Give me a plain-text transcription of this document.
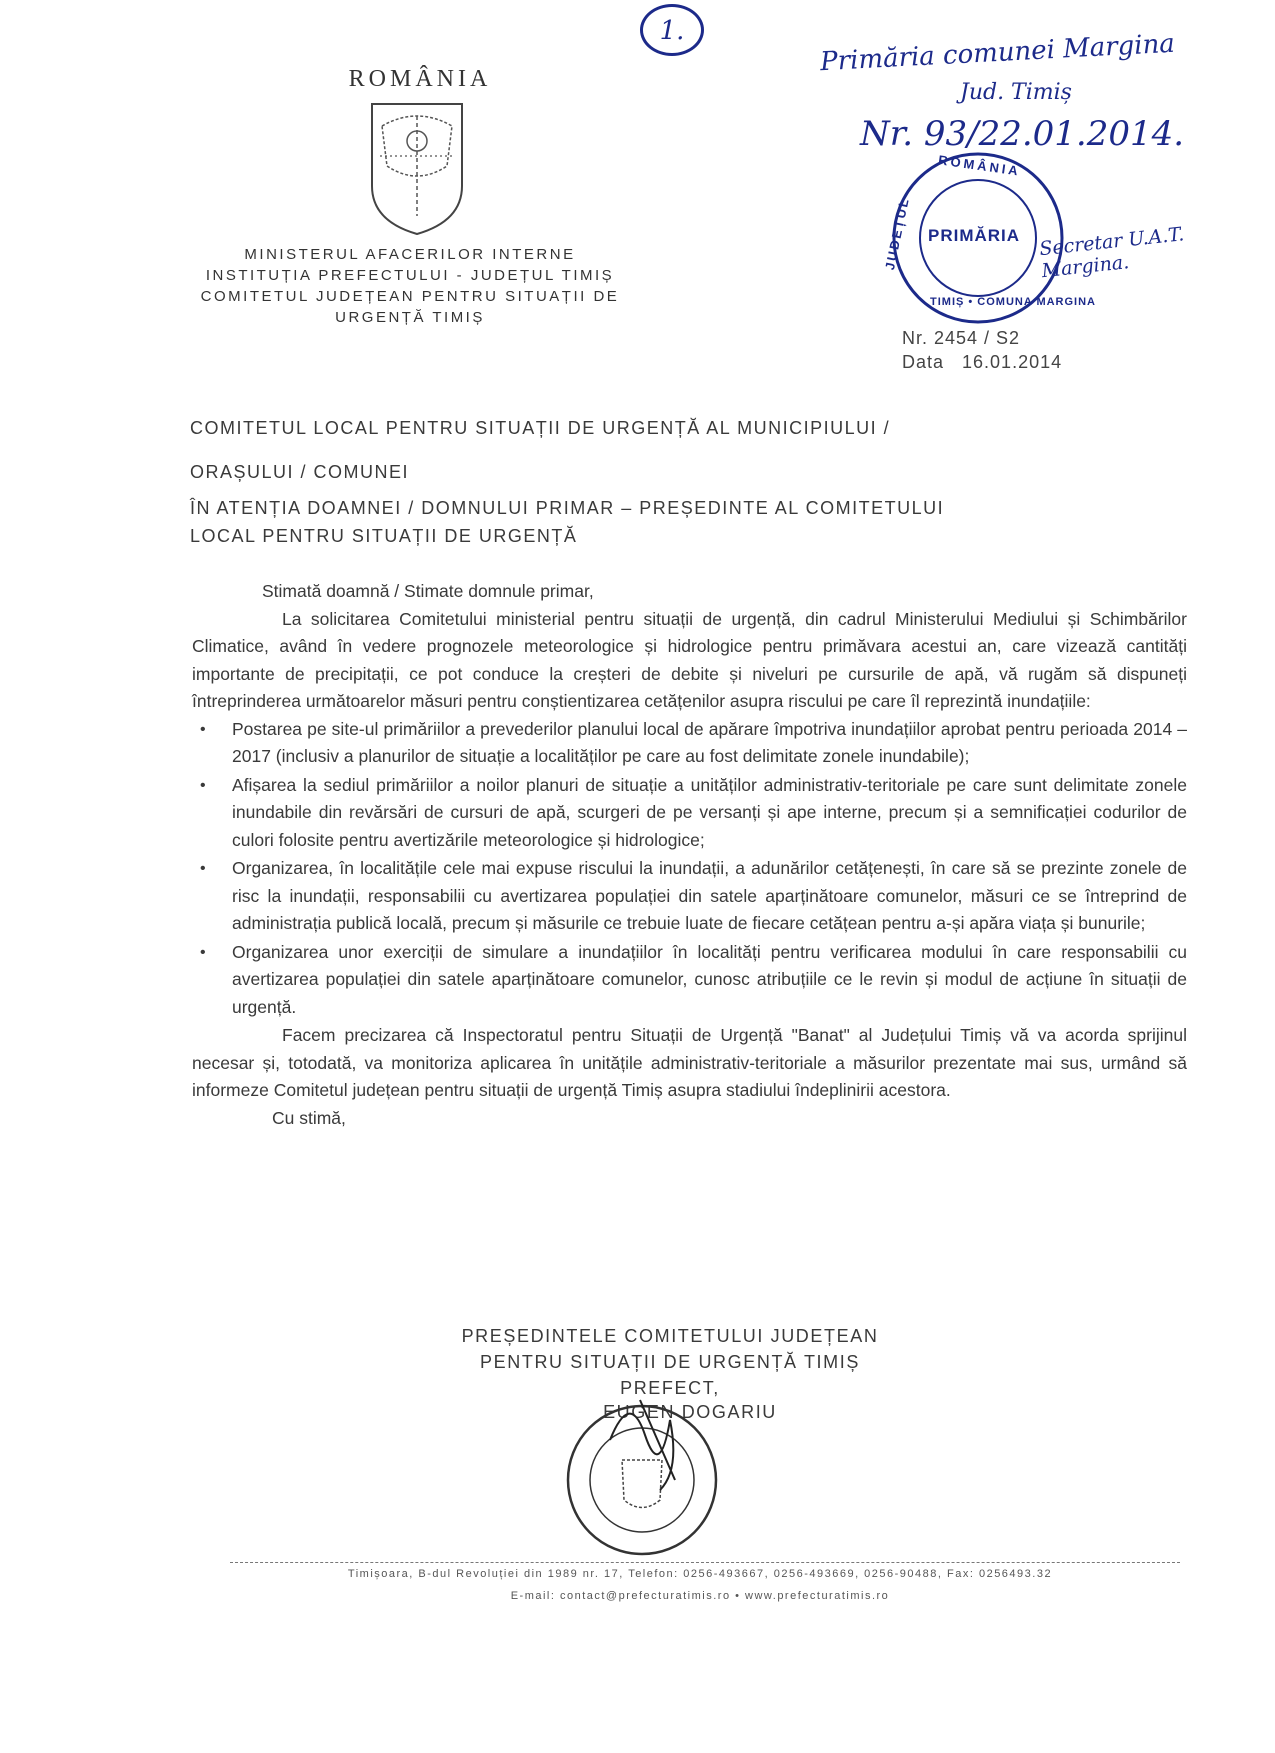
1.
ROMÂNIA
MINISTERUL AFACERILOR INTERNE
INSTITUȚIA PREFECTULUI - JUDEȚUL TIMIȘ
COMITETUL JUDEȚEAN PENTRU SITUAȚII DE
URGENȚĂ TIMIȘ
Primăria comunei Margina
Jud. Timiș
Nr. 93/22.01.2014.
ROMÂNIA
JUDEȚUL PRIMĂRIA
TIMIȘ • COMUNA MARGINA
Secretar U.A.T. Margina.
Nr. 2454 / S2
Data   16.01.2014
COMITETUL LOCAL PENTRU SITUAȚII DE URGENȚĂ AL MUNICIPIULUI /
ORAȘULUI / COMUNEI
ÎN ATENȚIA DOAMNEI / DOMNULUI PRIMAR – PREȘEDINTE AL COMITETULUI
LOCAL PENTRU SITUAȚII DE URGENȚĂ
Stimată doamnă / Stimate domnule primar,
La solicitarea Comitetului ministerial pentru situații de urgență, din cadrul Ministerului Mediului și Schimbărilor Climatice, având în vedere prognozele meteorologice și hidrologice pentru primăvara acestui an, care vizează cantități importante de precipitații, ce pot conduce la creșteri de debite și niveluri pe cursurile de apă, vă rugăm să dispuneți întreprinderea următoarelor măsuri pentru conștientizarea cetățenilor asupra riscului pe care îl reprezintă inundațiile:
• Postarea pe site-ul primăriilor a prevederilor planului local de apărare împotriva inundațiilor aprobat pentru perioada 2014 – 2017 (inclusiv a planurilor de situație a localităților pe care au fost delimitate zonele inundabile);
• Afișarea la sediul primăriilor a noilor planuri de situație a unităților administrativ-teritoriale pe care sunt delimitate zonele inundabile din revărsări de cursuri de apă, scurgeri de pe versanți și ape interne, precum și a semnificației codurilor de culori folosite pentru avertizările meteorologice și hidrologice;
• Organizarea, în localitățile cele mai expuse riscului la inundații, a adunărilor cetățenești, în care să se prezinte zonele de risc la inundații, responsabilii cu avertizarea populației din satele aparținătoare comunelor, măsuri ce se întreprind de administrația publică locală, precum și măsurile ce trebuie luate de fiecare cetățean pentru a-și apăra viața și bunurile;
• Organizarea unor exerciții de simulare a inundațiilor în localități pentru verificarea modului în care responsabilii cu avertizarea populației din satele aparținătoare comunelor, cunosc atribuțiile ce le revin și modul de acțiune în situații de urgență.
Facem precizarea că Inspectoratul pentru Situații de Urgență "Banat" al Județului Timiș vă va acorda sprijinul necesar și, totodată, va monitoriza aplicarea în unitățile administrativ-teritoriale a măsurilor prezentate mai sus, urmând să informeze Comitetul județean pentru situații de urgență Timiș asupra stadiului îndeplinirii acestora.
Cu stimă,
PREȘEDINTELE COMITETULUI JUDEȚEAN
PENTRU SITUAȚII DE URGENȚĂ TIMIȘ
PREFECT,
EUGEN DOGARIU
Timișoara, B-dul Revoluției din 1989 nr. 17, Telefon: 0256-493667, 0256-493669, 0256-90488, Fax: 0256493.32
E-mail: contact@prefecturatimis.ro • www.prefecturatimis.ro
